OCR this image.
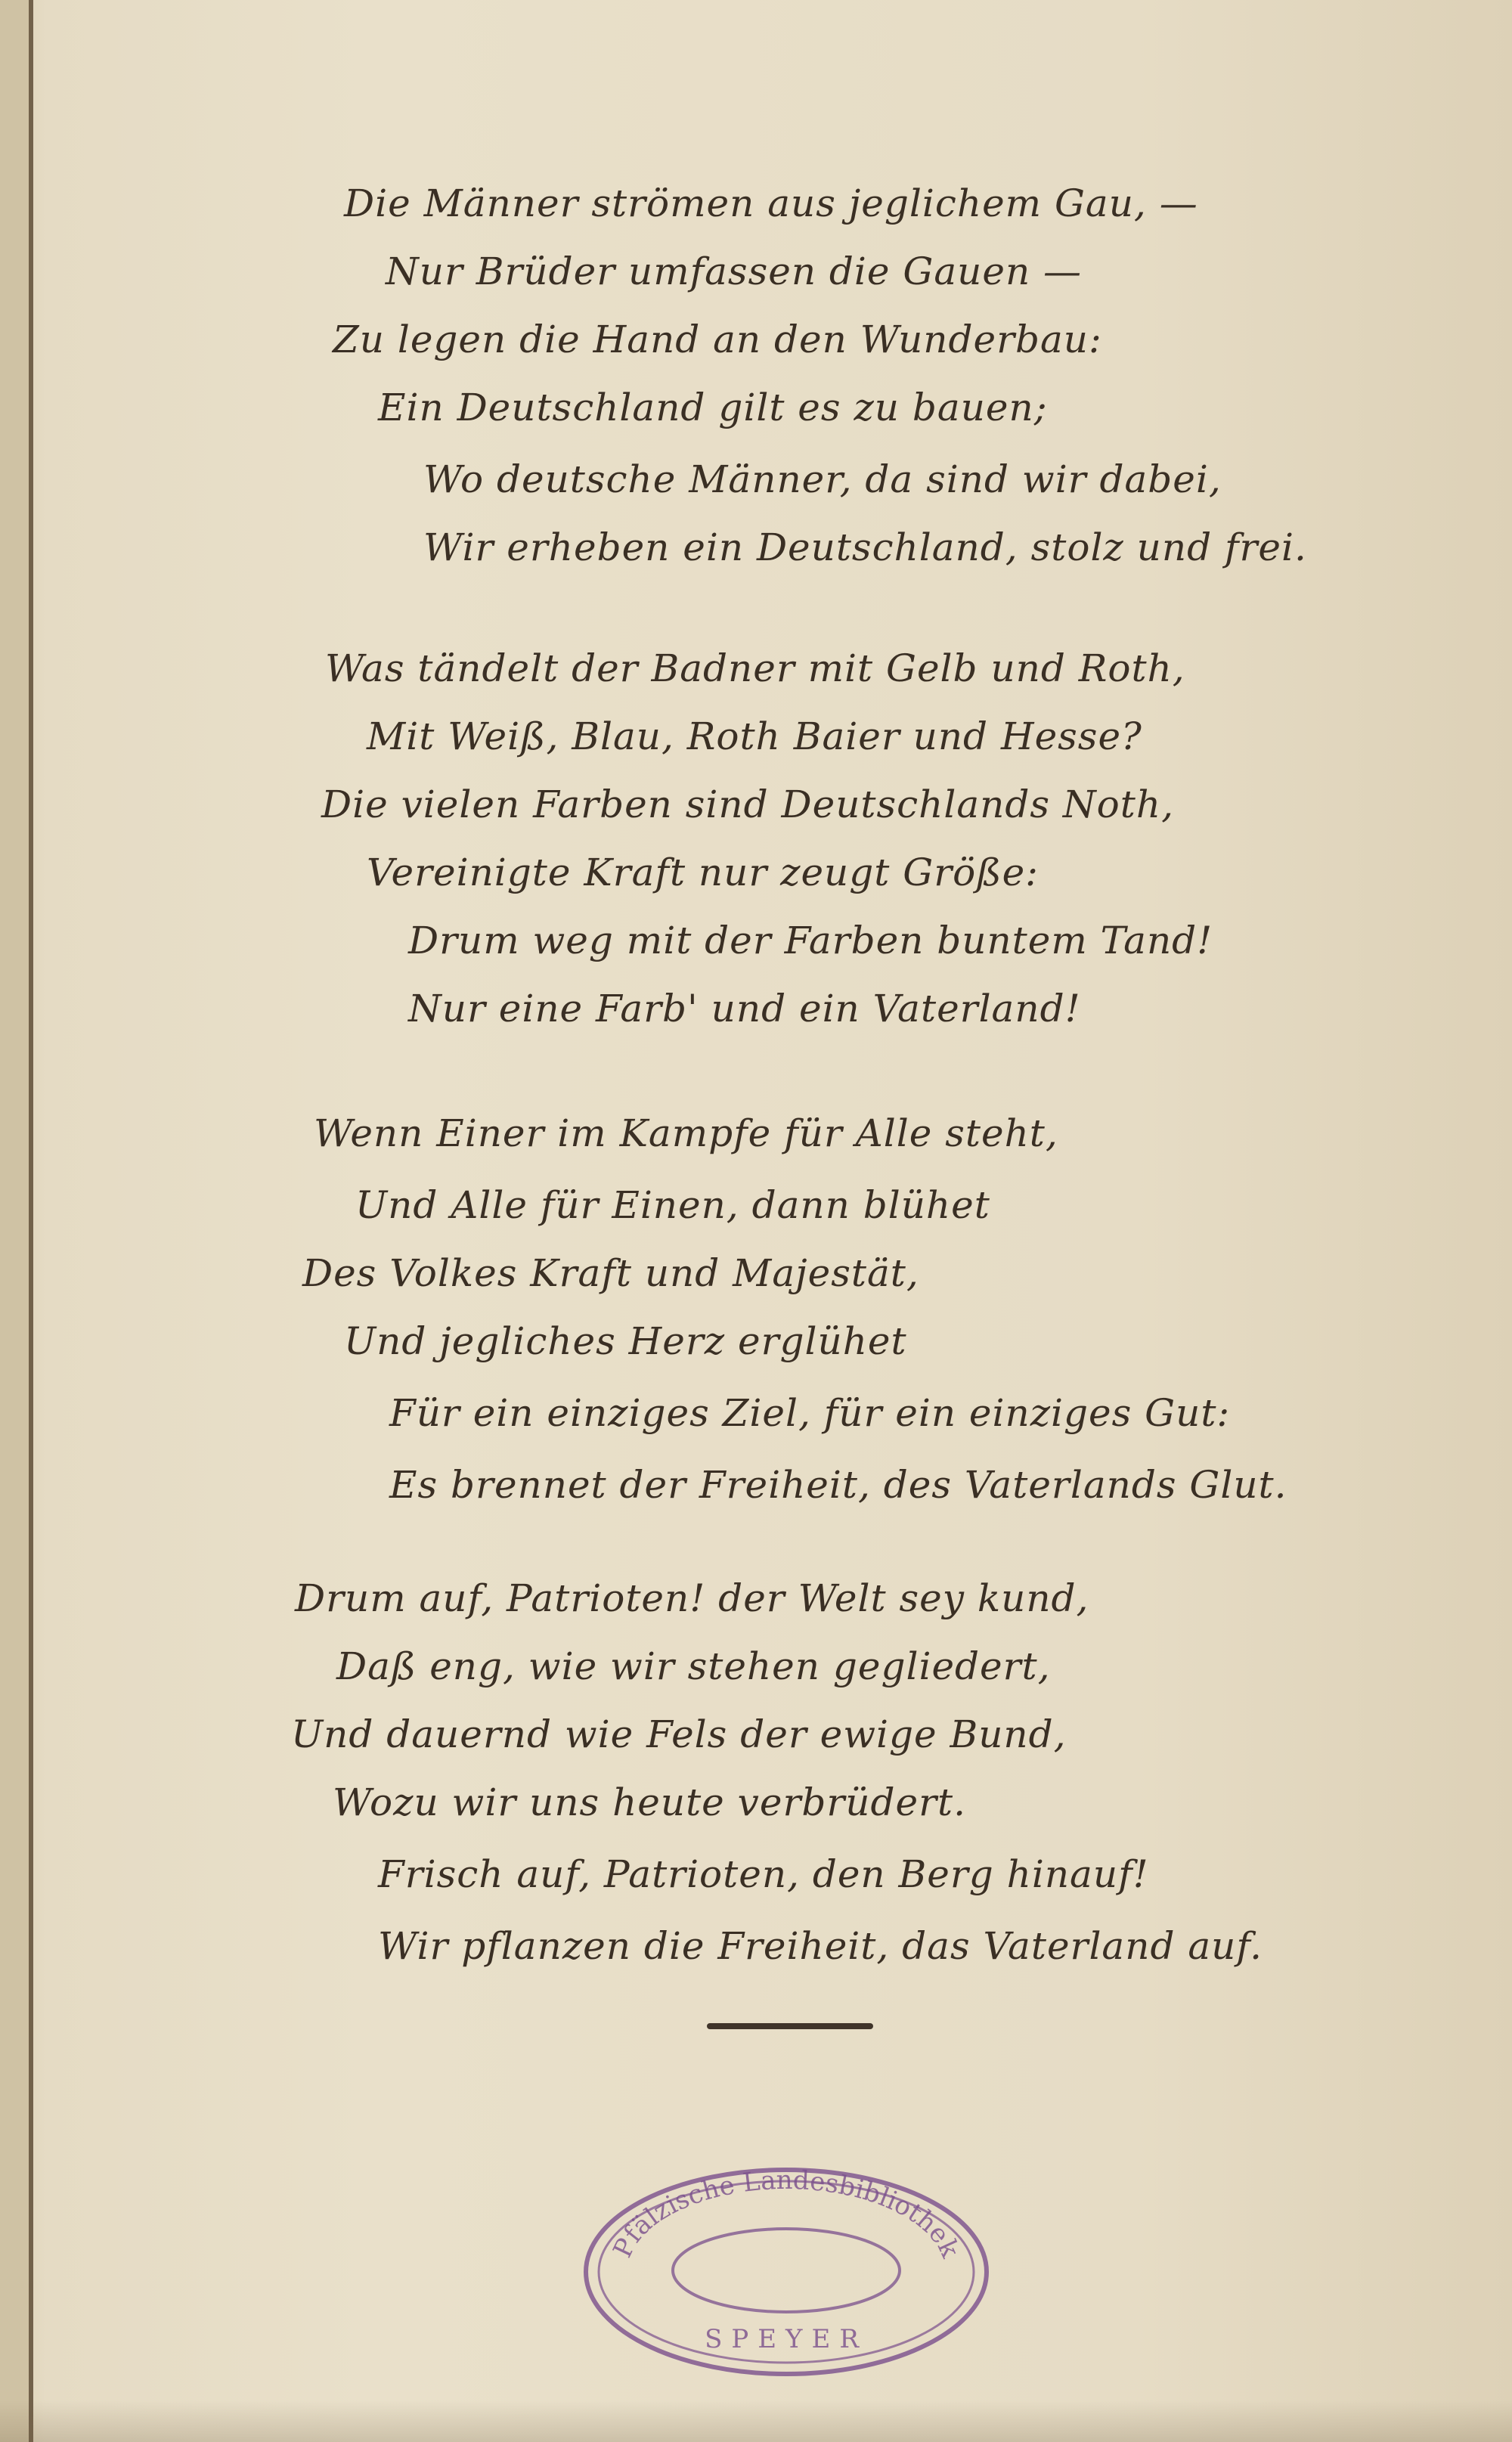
Die Männer strömen aus jeglichem Gau, —
Nur Brüder umfassen die Gauen —
Zu legen die Hand an den Wunderbau:
Ein Deutschland gilt es zu bauen;
Wo deutsche Männer, da sind wir dabei,
Wir erheben ein Deutschland, stolz und frei.
Was tändelt der Badner mit Gelb und Roth,
Mit Weiß, Blau, Roth Baier und Hesse?
Die vielen Farben sind Deutschlands Noth,
Vereinigte Kraft nur zeugt Größe:
Drum weg mit der Farben buntem Tand!
Nur eine Farb' und ein Vaterland!
Wenn Einer im Kampfe für Alle steht,
Und Alle für Einen, dann blühet
Des Volkes Kraft und Majestät,
Und jegliches Herz erglühet
Für ein einziges Ziel, für ein einziges Gut:
Es brennet der Freiheit, des Vaterlands Glut.
Drum auf, Patrioten! der Welt sey kund,
Daß eng, wie wir stehen gegliedert,
Und dauernd wie Fels der ewige Bund,
Wozu wir uns heute verbrüdert.
Frisch auf, Patrioten, den Berg hinauf!
Wir pflanzen die Freiheit, das Vaterland auf.
Pfälzische Landesbibliothek
SPEYER
